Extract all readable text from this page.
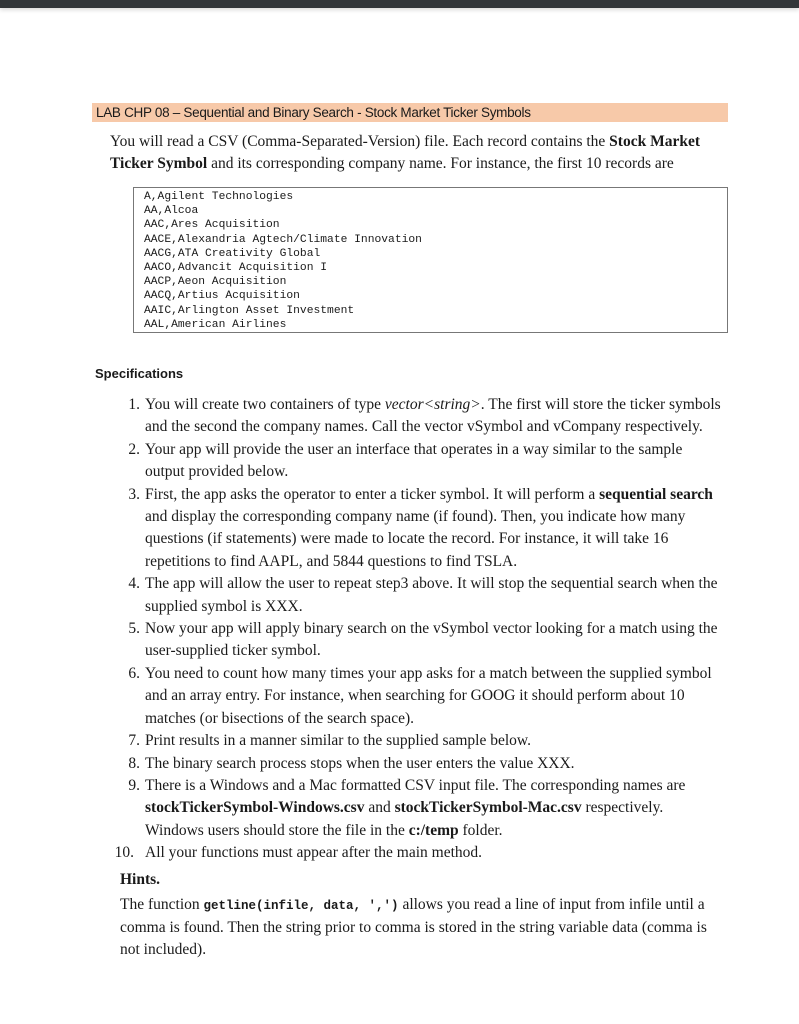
LAB CHP 08 – Sequential and Binary Search - Stock Market Ticker Symbols
You will read a CSV (Comma-Separated-Version) file. Each record contains the Stock Market Ticker Symbol and its corresponding company name. For instance, the first 10 records are
A,Agilent Technologies
AA,Alcoa
AAC,Ares Acquisition
AACE,Alexandria Agtech/Climate Innovation
AACG,ATA Creativity Global
AACO,Advancit Acquisition I
AACP,Aeon Acquisition
AACQ,Artius Acquisition
AAIC,Arlington Asset Investment
AAL,American Airlines
Specifications
1. You will create two containers of type vector<string>. The first will store the ticker symbols and the second the company names. Call the vector vSymbol and vCompany respectively.
2. Your app will provide the user an interface that operates in a way similar to the sample output provided below.
3. First, the app asks the operator to enter a ticker symbol. It will perform a sequential search and display the corresponding company name (if found). Then, you indicate how many questions (if statements) were made to locate the record. For instance, it will take 16 repetitions to find AAPL, and 5844 questions to find TSLA.
4. The app will allow the user to repeat step3 above. It will stop the sequential search when the supplied symbol is XXX.
5. Now your app will apply binary search on the vSymbol vector looking for a match using the user-supplied ticker symbol.
6. You need to count how many times your app asks for a match between the supplied symbol and an array entry. For instance, when searching for GOOG it should perform about 10 matches (or bisections of the search space).
7. Print results in a manner similar to the supplied sample below.
8. The binary search process stops when the user enters the value XXX.
9. There is a Windows and a Mac formatted CSV input file. The corresponding names are stockTickerSymbol-Windows.csv and stockTickerSymbol-Mac.csv respectively. Windows users should store the file in the c:/temp folder.
10. All your functions must appear after the main method.
Hints.
The function getline(infile, data, ',') allows you read a line of input from infile until a comma is found. Then the string prior to comma is stored in the string variable data (comma is not included).
